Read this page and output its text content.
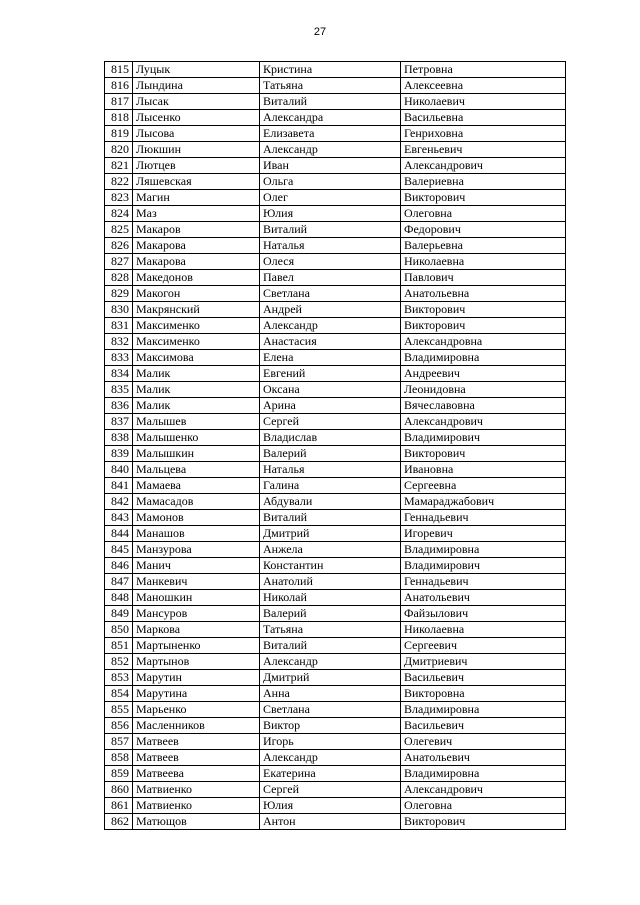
27
815	Луцык	Кристина	Петровна
816	Лындина	Татьяна	Алексеевна
817	Лысак	Виталий	Николаевич
818	Лысенко	Александра	Васильевна
819	Лысова	Елизавета	Генриховна
820	Люкшин	Александр	Евгеньевич
821	Лютцев	Иван	Александрович
822	Ляшевская	Ольга	Валериевна
823	Магин	Олег	Викторович
824	Маз	Юлия	Олеговна
825	Макаров	Виталий	Федорович
826	Макарова	Наталья	Валерьевна
827	Макарова	Олеся	Николаевна
828	Македонов	Павел	Павлович
829	Макогон	Светлана	Анатольевна
830	Макрянский	Андрей	Викторович
831	Максименко	Александр	Викторович
832	Максименко	Анастасия	Александровна
833	Максимова	Елена	Владимировна
834	Малик	Евгений	Андреевич
835	Малик	Оксана	Леонидовна
836	Малик	Арина	Вячеславовна
837	Малышев	Сергей	Александрович
838	Малышенко	Владислав	Владимирович
839	Малышкин	Валерий	Викторович
840	Мальцева	Наталья	Ивановна
841	Мамаева	Галина	Сергеевна
842	Мамасадов	Абдували	Мамараджабович
843	Мамонов	Виталий	Геннадьевич
844	Манашов	Дмитрий	Игоревич
845	Манзурова	Анжела	Владимировна
846	Манич	Константин	Владимирович
847	Манкевич	Анатолий	Геннадьевич
848	Маношкин	Николай	Анатольевич
849	Мансуров	Валерий	Файзылович
850	Маркова	Татьяна	Николаевна
851	Мартыненко	Виталий	Сергеевич
852	Мартынов	Александр	Дмитриевич
853	Марутин	Дмитрий	Васильевич
854	Марутина	Анна	Викторовна
855	Марьенко	Светлана	Владимировна
856	Масленников	Виктор	Васильевич
857	Матвеев	Игорь	Олегевич
858	Матвеев	Александр	Анатольевич
859	Матвеева	Екатерина	Владимировна
860	Матвиенко	Сергей	Александрович
861	Матвиенко	Юлия	Олеговна
862	Матющов	Антон	Викторович
